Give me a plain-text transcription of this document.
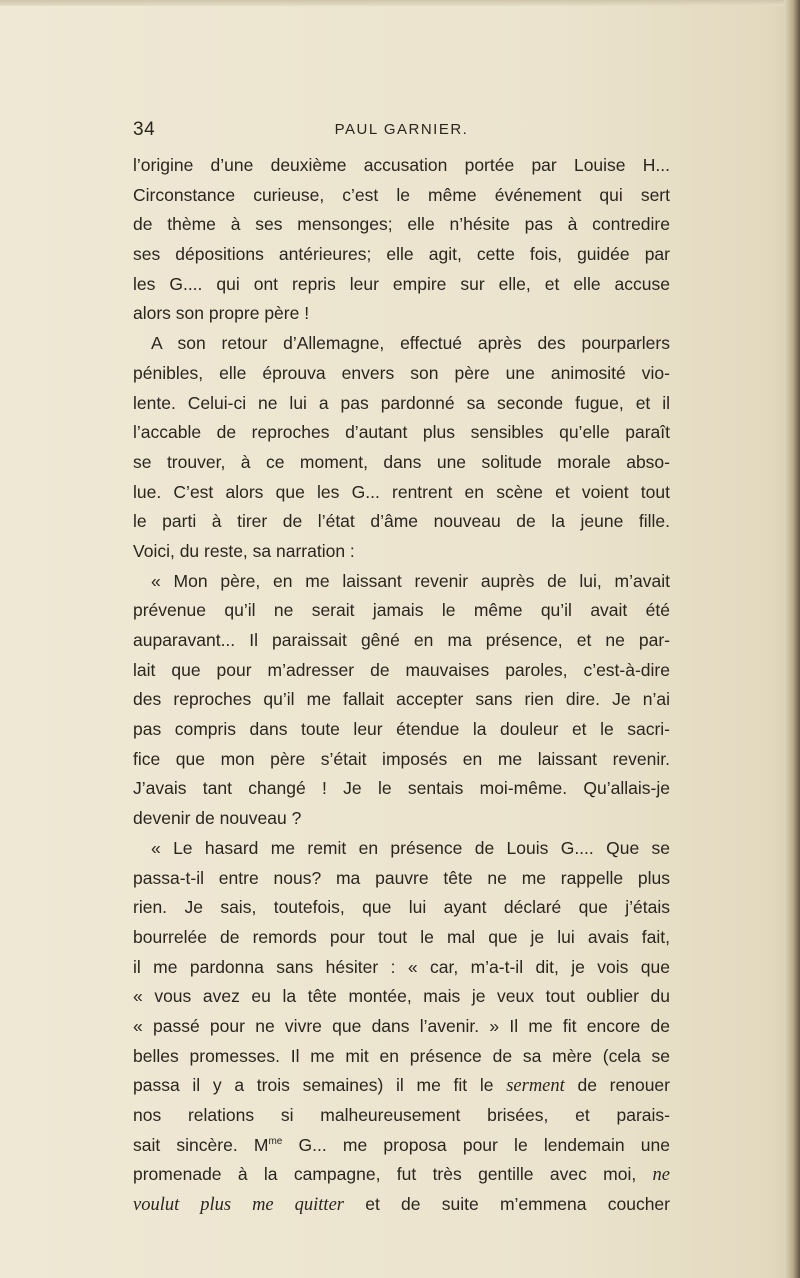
34	PAUL GARNIER.
l’origine d’une deuxième accusation portée par Louise H...
Circonstance curieuse, c’est le même événement qui sert
de thème à ses mensonges; elle n’hésite pas à contredire
ses dépositions antérieures; elle agit, cette fois, guidée par
les G.... qui ont repris leur empire sur elle, et elle accuse
alors son propre père !
A son retour d’Allemagne, effectué après des pourparlers
pénibles, elle éprouva envers son père une animosité vio-
lente. Celui-ci ne lui a pas pardonné sa seconde fugue, et il
l’accable de reproches d’autant plus sensibles qu’elle paraît
se trouver, à ce moment, dans une solitude morale abso-
lue. C’est alors que les G... rentrent en scène et voient tout
le parti à tirer de l’état d’âme nouveau de la jeune fille.
Voici, du reste, sa narration :
« Mon père, en me laissant revenir auprès de lui, m’avait
prévenue qu’il ne serait jamais le même qu’il avait été
auparavant... Il paraissait gêné en ma présence, et ne par-
lait que pour m’adresser de mauvaises paroles, c’est-à-dire
des reproches qu’il me fallait accepter sans rien dire. Je n’ai
pas compris dans toute leur étendue la douleur et le sacri-
fice que mon père s’était imposés en me laissant revenir.
J’avais tant changé ! Je le sentais moi-même. Qu’allais-je
devenir de nouveau ?
« Le hasard me remit en présence de Louis G.... Que se
passa-t-il entre nous? ma pauvre tête ne me rappelle plus
rien. Je sais, toutefois, que lui ayant déclaré que j’étais
bourrelée de remords pour tout le mal que je lui avais fait,
il me pardonna sans hésiter : « car, m’a-t-il dit, je vois que
« vous avez eu la tête montée, mais je veux tout oublier du
« passé pour ne vivre que dans l’avenir. » Il me fit encore de
belles promesses. Il me mit en présence de sa mère (cela se
passa il y a trois semaines) il me fit le serment de renouer
nos relations si malheureusement brisées, et parais-
sait sincère. $M^{me}$ G... me proposa pour le lendemain une
promenade à la campagne, fut très gentille avec moi, ne
voulut plus me quitter et de suite m’emmena coucher
